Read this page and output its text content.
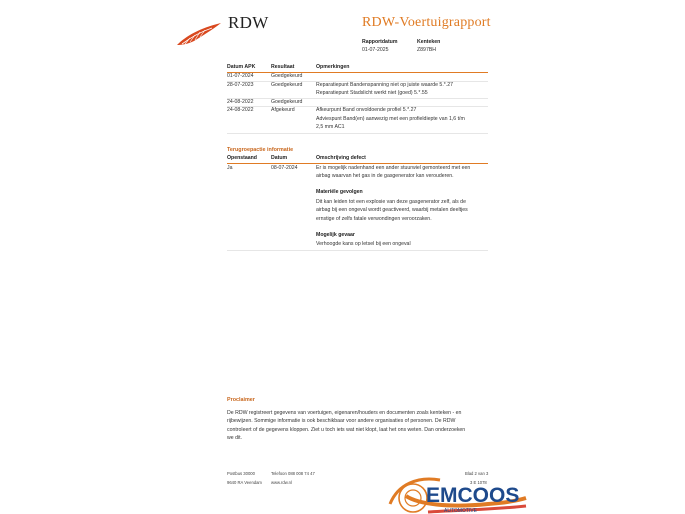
RDW	RDW-Voertuigrapport
Rapportdatum
01-07-2025
Kenteken
Z897BH
Datum APK	Resultaat	Opmerkingen
01-07-2024	Goedgekeurd
28-07-2023	Goedgekeurd	Reparatiepunt Bandenspanning niet op juiste waarde 5.*.27
Reparatiepunt Stadslicht werkt niet (goed) 5.*.55
24-08-2022	Goedgekeurd
24-08-2022	Afgekeurd	Afkeurpunt Band onvoldoende profiel 5.*.27
Adviespunt Band(en) aanwezig met een profieldiepte van 1,6 t/m
2,5 mm AC1
Terugroepactie informatie
Openstaand	Datum	Omschrijving defect
Ja	08-07-2024	Er is mogelijk nadenhand een ander stuurwiel gemonteerd met een
airbag waarvan het gas in de gasgenerator kan verouderen.
Materiële gevolgen
Dit kan leiden tot een explosie van deze gasgenerator zelf, als de
airbag bij een ongeval wordt geactiveerd, waarbij metalen deeltjes
ernstige of zelfs fatale verwondingen veroorzaken.
Mogelijk gevaar
Verhoogde kans op letsel bij een ongeval
Proclaimer
De RDW registreert gegevens van voertuigen, eigenaren/houders en documenten zoals kenteken - en
rijbewijzen. Sommige informatie is ook beschikbaar voor andere organisaties of personen. De RDW
controleert of de gegevens kloppen. Ziet u toch iets wat niet klopt, laat het ons weten. Dan onderzoeken
we dit.
Postbus 30000
9640 RA Veendam
Telefoon 088 008 74 47
www.rdw.nl
Blad 2 van 3
3 E 1078
EMCOOS
AUTOMOTIVE
